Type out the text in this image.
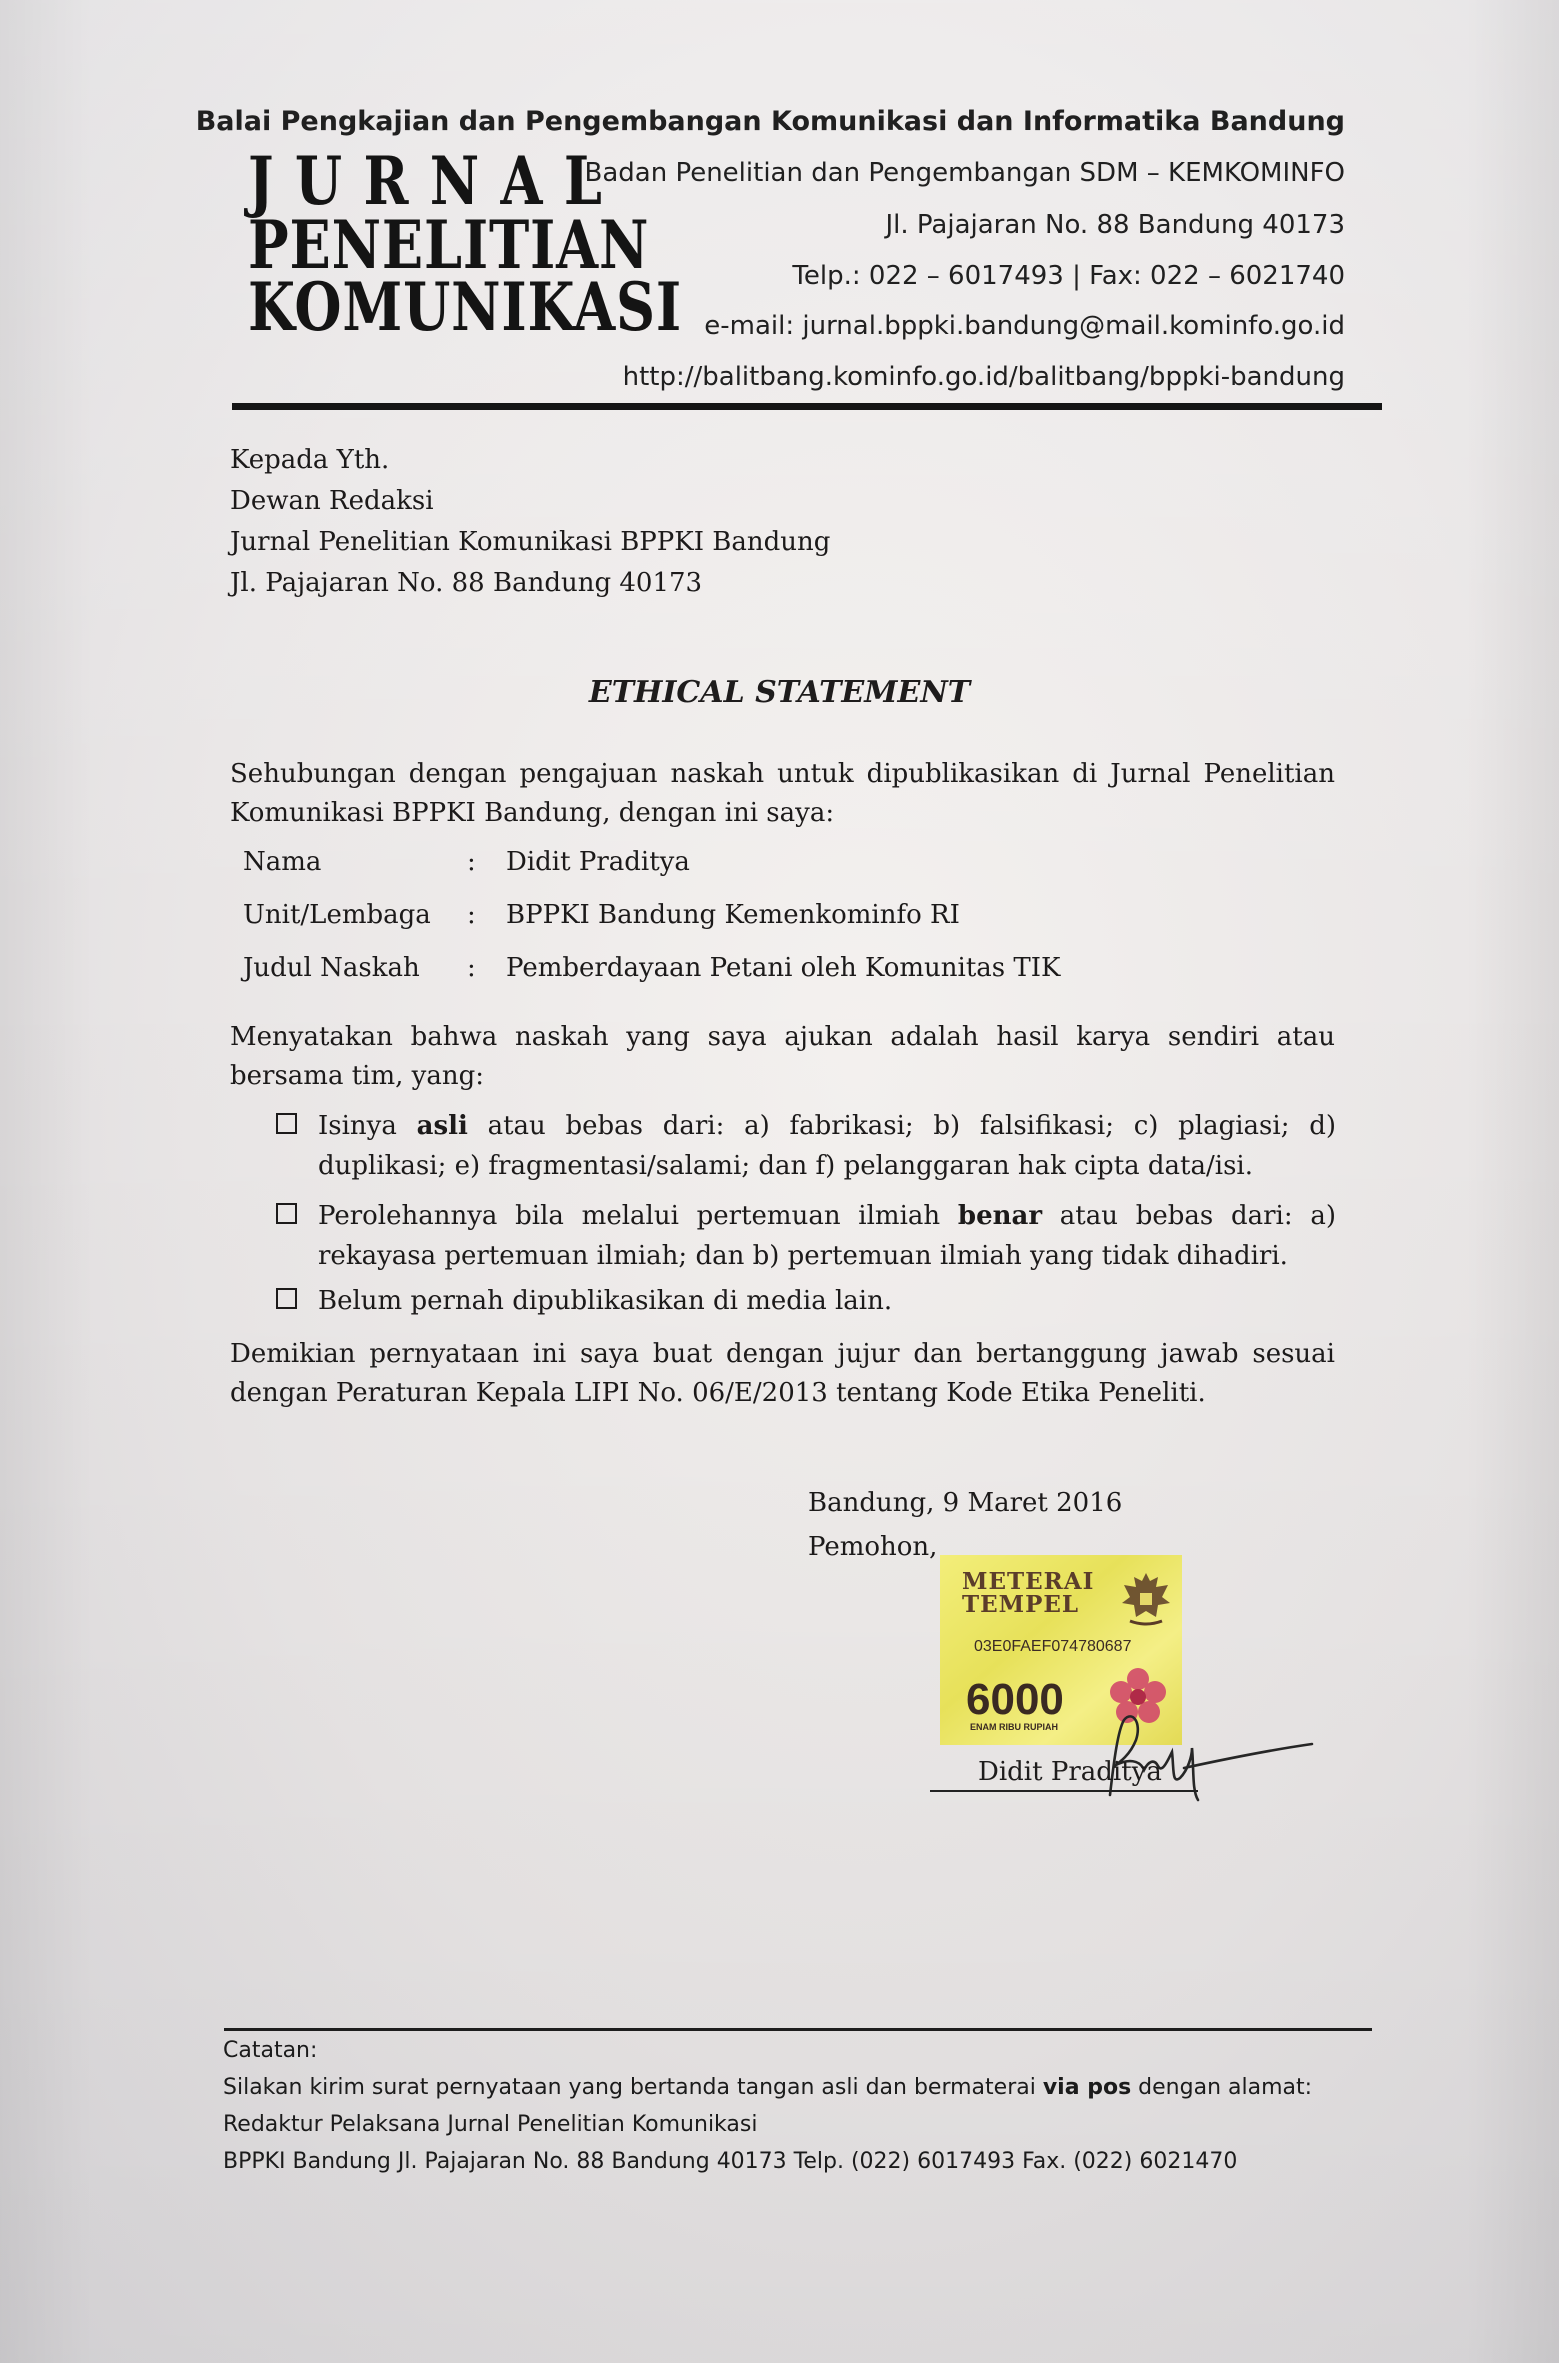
JURNAL
PENELITIAN
KOMUNIKASI
Balai Pengkajian dan Pengembangan Komunikasi dan Informatika Bandung
Badan Penelitian dan Pengembangan SDM – KEMKOMINFO
Jl. Pajajaran No. 88 Bandung 40173
Telp.: 022 – 6017493 | Fax: 022 – 6021740
e-mail: jurnal.bppki.bandung@mail.kominfo.go.id
http://balitbang.kominfo.go.id/balitbang/bppki-bandung
Kepada Yth.
Dewan Redaksi
Jurnal Penelitian Komunikasi BPPKI Bandung
Jl. Pajajaran No. 88 Bandung 40173
ETHICAL STATEMENT
Sehubungan dengan pengajuan naskah untuk dipublikasikan di Jurnal Penelitian Komunikasi BPPKI Bandung, dengan ini saya:
Nama	: Didit Praditya
Unit/Lembaga : BPPKI Bandung Kemenkominfo RI
Judul Naskah : Pemberdayaan Petani oleh Komunitas TIK
Menyatakan bahwa naskah yang saya ajukan adalah hasil karya sendiri atau bersama tim, yang:
Isinya asli atau bebas dari: a) fabrikasi; b) falsifikasi; c) plagiasi; d) duplikasi; e) fragmentasi/salami; dan f) pelanggaran hak cipta data/isi.
Perolehannya bila melalui pertemuan ilmiah benar atau bebas dari: a) rekayasa pertemuan ilmiah; dan b) pertemuan ilmiah yang tidak dihadiri.
Belum pernah dipublikasikan di media lain.
Demikian pernyataan ini saya buat dengan jujur dan bertanggung jawab sesuai dengan Peraturan Kepala LIPI No. 06/E/2013 tentang Kode Etika Peneliti.
Bandung, 9 Maret 2016
Pemohon,
METERAI TEMPEL
03E0FAEF074780687
6000
ENAM RIBU RUPIAH
Didit Praditya
Catatan:
Silakan kirim surat pernyataan yang bertanda tangan asli dan bermaterai via pos dengan alamat:
Redaktur Pelaksana Jurnal Penelitian Komunikasi
BPPKI Bandung Jl. Pajajaran No. 88 Bandung 40173 Telp. (022) 6017493 Fax. (022) 6021470
